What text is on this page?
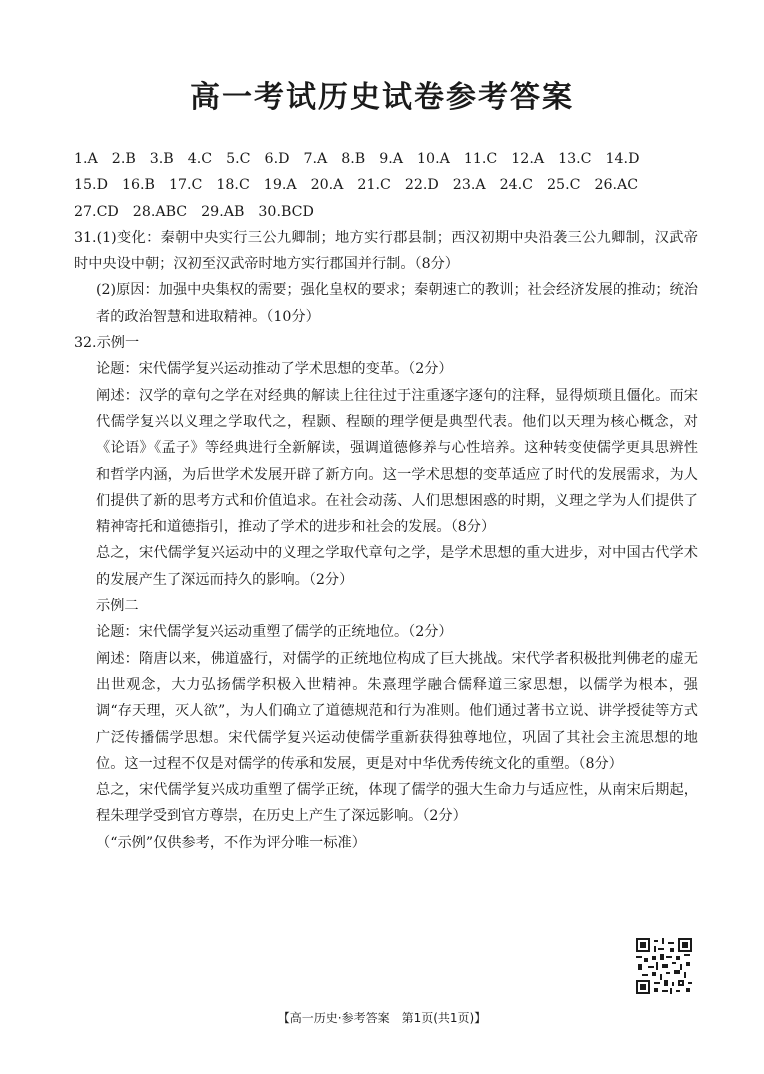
高一考试历史试卷参考答案
1.A 2.B 3.B 4.C 5.C 6.D 7.A 8.B 9.A 10.A 11.C 12.A 13.C 14.D
15.D 16.B 17.C 18.C 19.A 20.A 21.C 22.D 23.A 24.C 25.C 26.AC
27.CD 28.ABC 29.AB 30.BCD

31.(1)变化：秦朝中央实行三公九卿制；地方实行郡县制；西汉初期中央沿袭三公九卿制，汉武帝时中央设中朝；汉初至汉武帝时地方实行郡国并行制。（8分）

(2)原因：加强中央集权的需要；强化皇权的要求；秦朝速亡的教训；社会经济发展的推动；统治者的政治智慧和进取精神。（10分）

32.示例一

论题：宋代儒学复兴运动推动了学术思想的变革。（2分）

阐述：汉学的章句之学在对经典的解读上往往过于注重逐字逐句的注释，显得烦琐且僵化。而宋代儒学复兴以义理之学取代之，程颢、程颐的理学便是典型代表。他们以天理为核心概念，对《论语》《孟子》等经典进行全新解读，强调道德修养与心性培养。这种转变使儒学更具思辨性和哲学内涵，为后世学术发展开辟了新方向。这一学术思想的变革适应了时代的发展需求，为人们提供了新的思考方式和价值追求。在社会动荡、人们思想困惑的时期，义理之学为人们提供了精神寄托和道德指引，推动了学术的进步和社会的发展。（8分）

总之，宋代儒学复兴运动中的义理之学取代章句之学，是学术思想的重大进步，对中国古代学术的发展产生了深远而持久的影响。（2分）

示例二

论题：宋代儒学复兴运动重塑了儒学的正统地位。（2分）

阐述：隋唐以来，佛道盛行，对儒学的正统地位构成了巨大挑战。宋代学者积极批判佛老的虚无出世观念，大力弘扬儒学积极入世精神。朱熹理学融合儒释道三家思想，以儒学为根本，强调“存天理，灭人欲”，为人们确立了道德规范和行为准则。他们通过著书立说、讲学授徒等方式广泛传播儒学思想。宋代儒学复兴运动使儒学重新获得独尊地位，巩固了其社会主流思想的地位。这一过程不仅是对儒学的传承和发展，更是对中华优秀传统文化的重塑。（8分）

总之，宋代儒学复兴成功重塑了儒学正统，体现了儒学的强大生命力与适应性，从南宋后期起，程朱理学受到官方尊崇，在历史上产生了深远影响。（2分）

（“示例”仅供参考，不作为评分唯一标准）

【高一历史·参考答案　第1页(共1页)】
